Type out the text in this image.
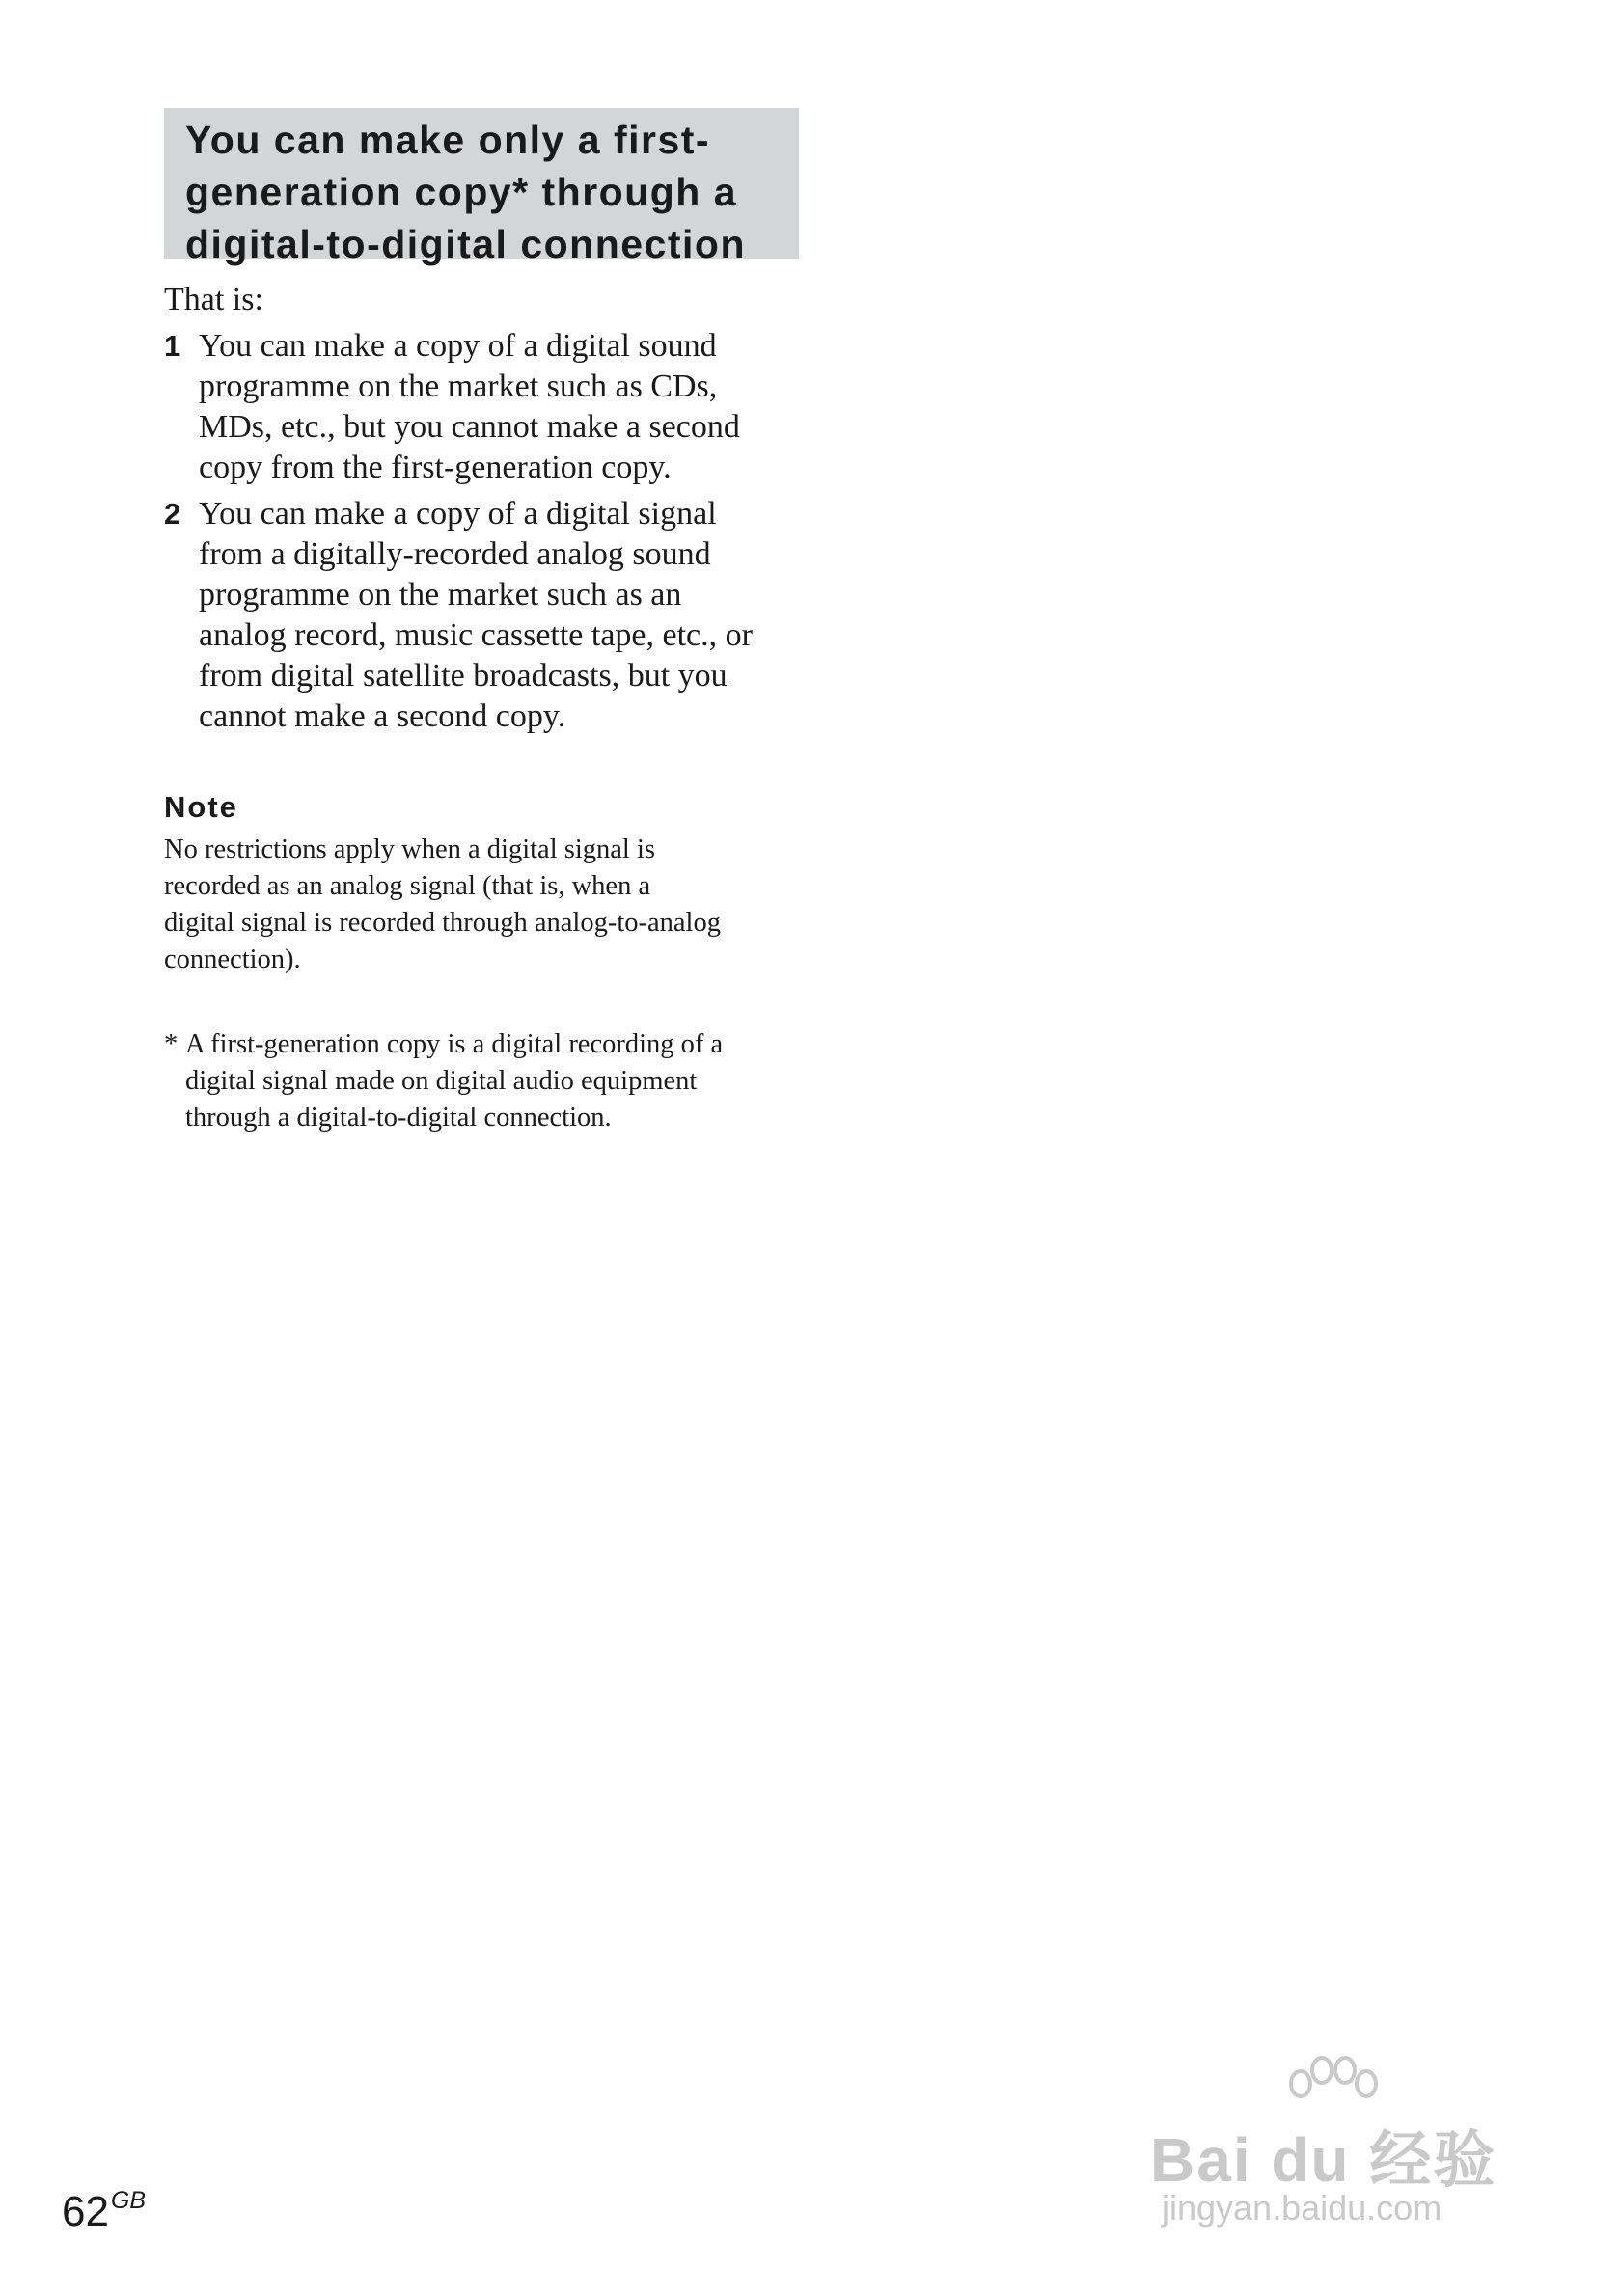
You can make only a first-
generation copy* through a
digital-to-digital connection
That is:
1 You can make a copy of a digital sound
programme on the market such as CDs,
MDs, etc., but you cannot make a second
copy from the first-generation copy.
2 You can make a copy of a digital signal
from a digitally-recorded analog sound
programme on the market such as an
analog record, music cassette tape, etc., or
from digital satellite broadcasts, but you
cannot make a second copy.
Note
No restrictions apply when a digital signal is
recorded as an analog signal (that is, when a
digital signal is recorded through analog-to-analog
connection).
* A first-generation copy is a digital recording of a
digital signal made on digital audio equipment
through a digital-to-digital connection.
$62^{GB}$
Bai du 经验
jingyan.baidu.com
